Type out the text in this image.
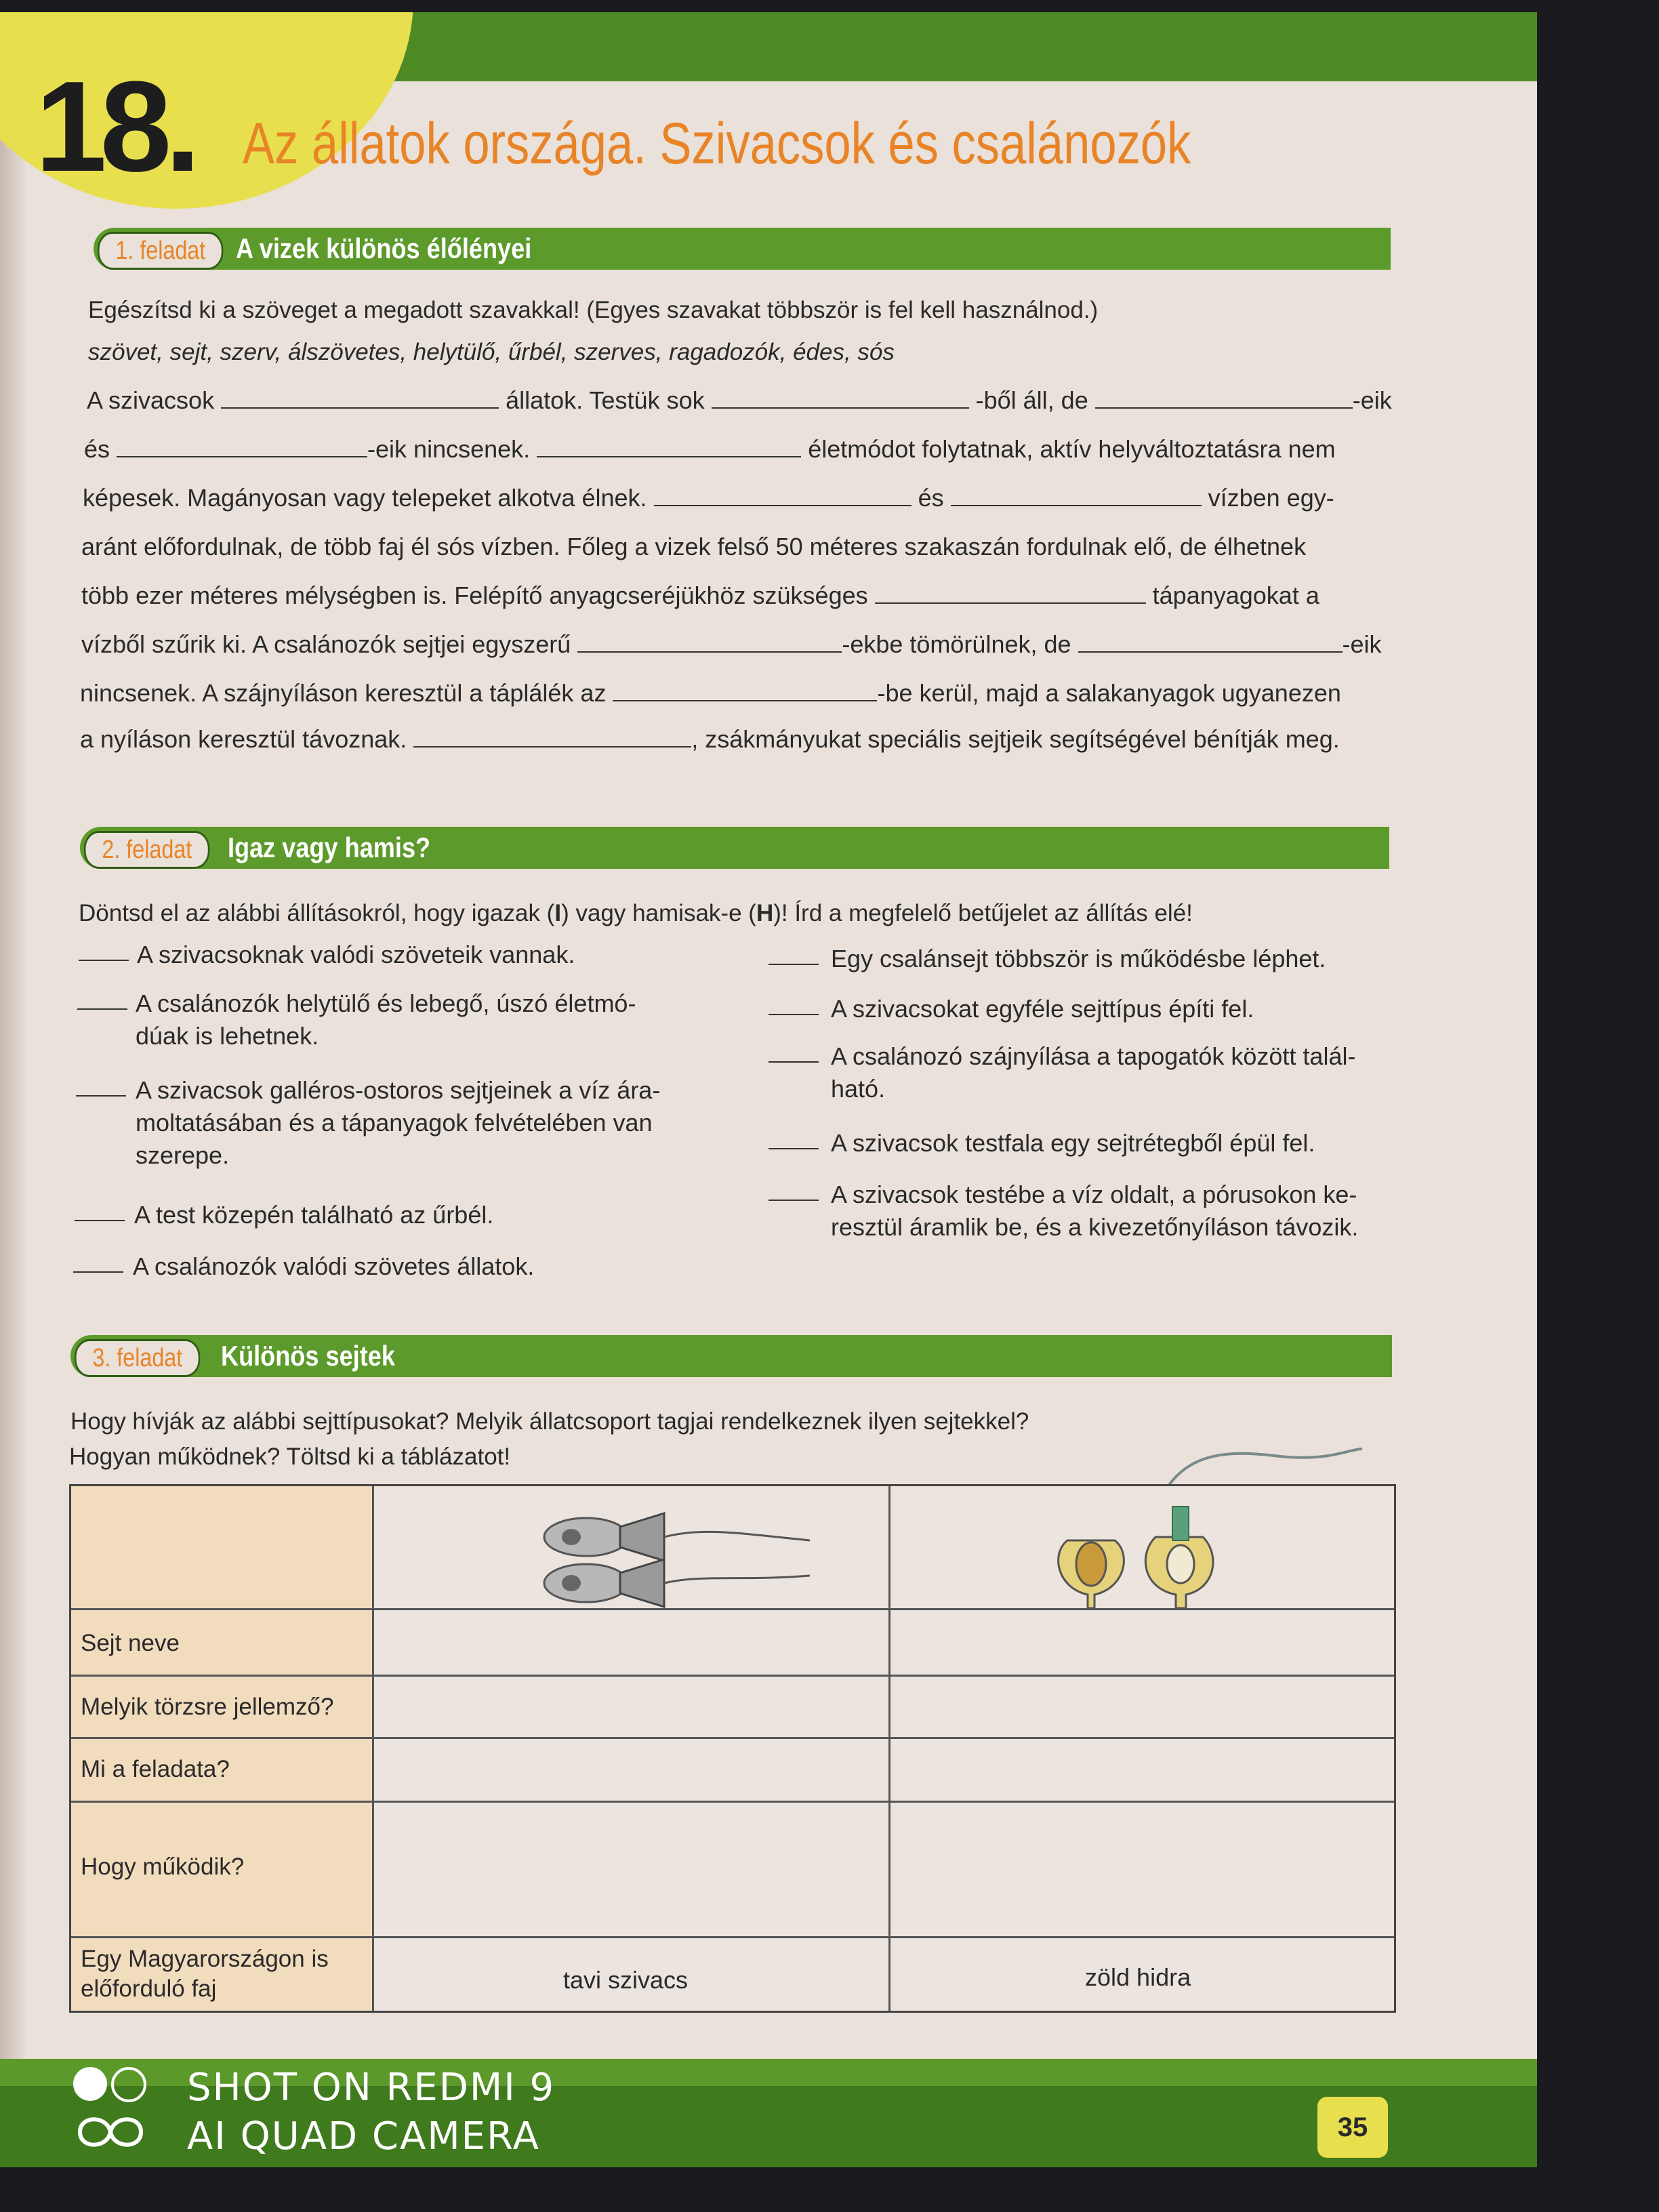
18. Az állatok országa. Szivacsok és csalánozók
1. feladat	A vizek különös élőlényei
Egészítsd ki a szöveget a megadott szavakkal! (Egyes szavakat többször is fel kell használnod.)
szövet, sejt, szerv, álszövetes, helytülő, űrbél, szerves, ragadozók, édes, sós
A szivacsok	állatok. Testük sok	-ből áll, de	-eik
és	-eik nincsenek.	életmódot folytatnak, aktív helyváltoztatásra nem
képesek. Magányosan vagy telepeket alkotva élnek.	és	vízben egy-
aránt előfordulnak, de több faj él sós vízben. Főleg a vizek felső 50 méteres szakaszán fordulnak elő, de élhetnek
több ezer méteres mélységben is. Felépítő anyagcseréjükhöz szükséges	tápanyagokat a
vízből szűrik ki. A csalánozók sejtjei egyszerű	-ekbe tömörülnek, de	-eik
nincsenek. A szájnyíláson keresztül a táplálék az	-be kerül, majd a salakanyagok ugyanezen
a nyíláson keresztül távoznak.	, zsákmányukat speciális sejtjeik segítségével bénítják meg.
2. feladat	Igaz vagy hamis?
Döntsd el az alábbi állításokról, hogy igazak (I) vagy hamisak-e (H)! Írd a megfelelő betűjelet az állítás elé!
A szivacsoknak valódi szöveteik vannak.
A csalánozók helytülő és lebegő, úszó életmó-
dúak is lehetnek.
A szivacsok galléros-ostoros sejtjeinek a víz ára-
moltatásában és a tápanyagok felvételében van
szerepe.
A test közepén található az űrbél.
A csalánozók valódi szövetes állatok.
Egy csalánsejt többször is működésbe léphet.
A szivacsokat egyféle sejttípus építi fel.
A csalánozó szájnyílása a tapogatók között talál-
ható.
A szivacsok testfala egy sejtrétegből épül fel.
A szivacsok testébe a víz oldalt, a pórusokon ke-
resztül áramlik be, és a kivezetőnyíláson távozik.
3. feladat	Különös sejtek
Hogy hívják az alábbi sejttípusokat? Melyik állatcsoport tagjai rendelkeznek ilyen sejtekkel?
Hogyan működnek? Töltsd ki a táblázatot!
Sejt neve
Melyik törzsre jellemző?
Mi a feladata?
Hogy működik?
Egy Magyarországon is előforduló faj	tavi szivacs	zöld hidra
35
SHOT ON REDMI 9
AI QUAD CAMERA
